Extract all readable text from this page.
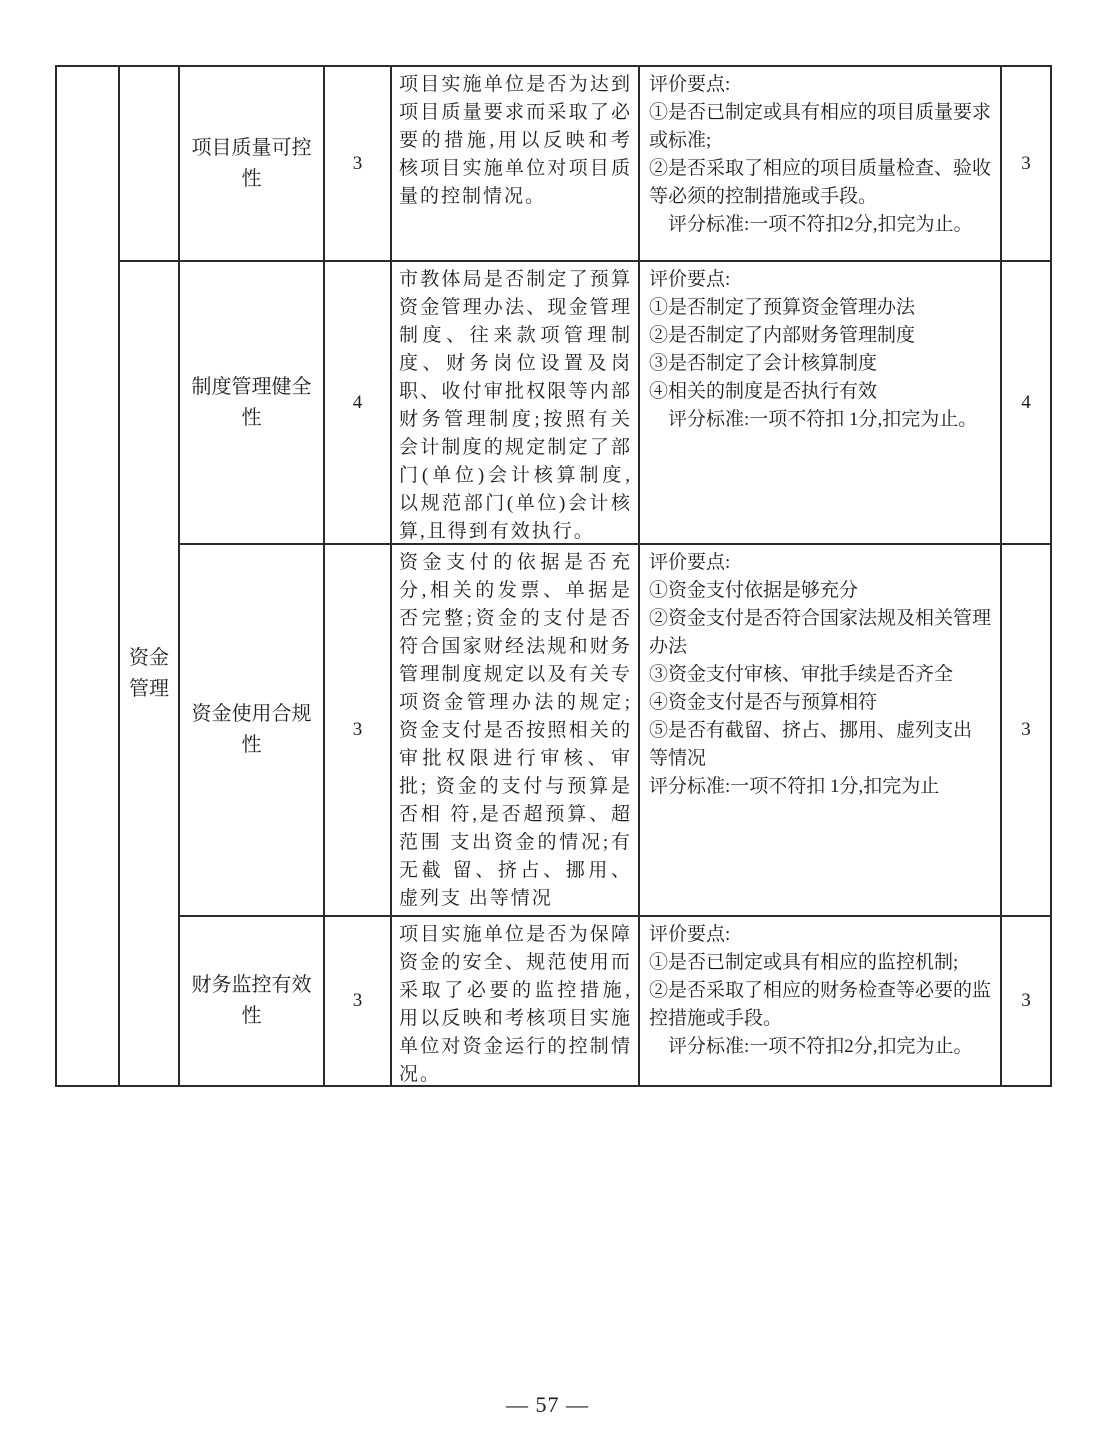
资金管理
项目质量可控性
3
项目实施单位是否为达到 项目质量要求而采取了必 要的措施,用以反映和考 核项目实施单位对项目质 量的控制情况。
评价要点:
①是否已制定或具有相应的项目质量要求或标准;
②是否采取了相应的项目质量检查、验收等必须的控制措施或手段。
　评分标准:一项不符扣2分,扣完为止。
3
制度管理健全性
4
市教体局是否制定了预算资金管理办法、现金管理制度、往来款项管理制度、财务岗位设置及岗职、收付审批权限等内部财务管理制度;按照有关会计制度的规定制定了部门(单位)会计核算制度,以规范部门(单位)会计核算,且得到有效执行。
评价要点:
①是否制定了预算资金管理办法
②是否制定了内部财务管理制度
③是否制定了会计核算制度
④相关的制度是否执行有效
　评分标准:一项不符扣 1分,扣完为止。
4
资金使用合规性
3
资金支付的依据是否充 分,相关的发票、单据是 否完整;资金的支付是否 符合国家财经法规和财务 管理制度规定以及有关专 项资金管理办法的规定; 资金支付是否按照相关的 审批权限进行审核、审批; 资金的支付与预算是否相 符,是否超预算、超范围 支出资金的情况;有无截 留、挤占、挪用、虚列支 出等情况
评价要点:
①资金支付依据是够充分
②资金支付是否符合国家法规及相关管理办法
③资金支付审核、审批手续是否齐全
④资金支付是否与预算相符
⑤是否有截留、挤占、挪用、虚列支出 等情况
评分标准:一项不符扣 1分,扣完为止
3
财务监控有效性
3
项目实施单位是否为保障 资金的安全、规范使用而 采取了必要的监控措施, 用以反映和考核项目实施 单位对资金运行的控制情 况。
评价要点:
①是否已制定或具有相应的监控机制;
②是否采取了相应的财务检查等必要的监控措施或手段。
　评分标准:一项不符扣2分,扣完为止。
3
— 57 —
